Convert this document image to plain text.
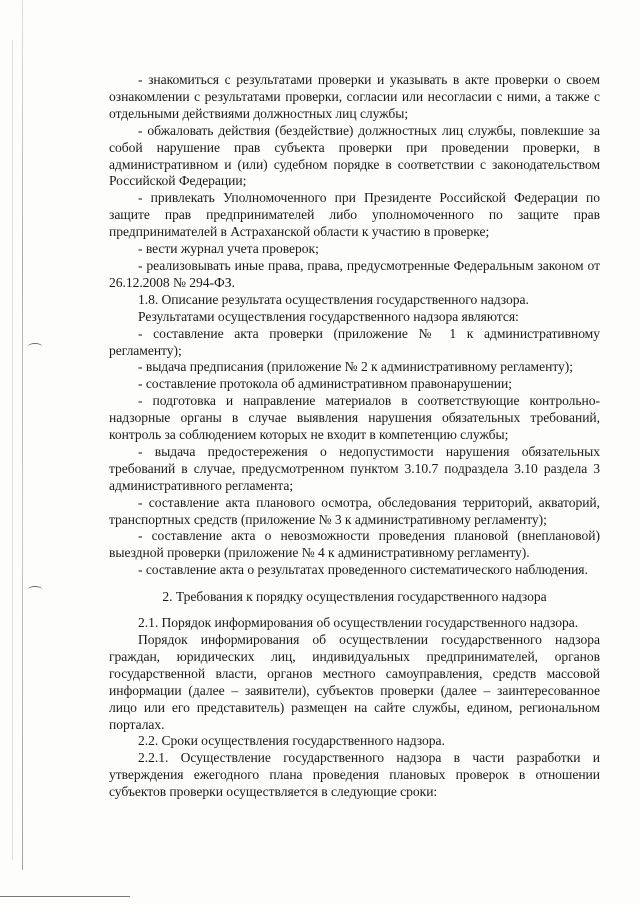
- знакомиться с результатами проверки и указывать в акте проверки о своем ознакомлении с результатами проверки, согласии или несогласии с ними, а также с отдельными действиями должностных лиц службы;

- обжаловать действия (бездействие) должностных лиц службы, повлекшие за собой нарушение прав субъекта проверки при проведении проверки, в административном и (или) судебном порядке в соответствии с законодательством Российской Федерации;

- привлекать Уполномоченного при Президенте Российской Федерации по защите прав предпринимателей либо уполномоченного по защите прав предпринимателей в Астраханской области к участию в проверке;

- вести журнал учета проверок;

- реализовывать иные права, права, предусмотренные Федеральным законом от 26.12.2008 № 294-ФЗ.

1.8. Описание результата осуществления государственного надзора.

Результатами осуществления государственного надзора являются:

- составление акта проверки (приложение № 1 к административному регламенту);

- выдача предписания (приложение № 2 к административному регламенту);

- составление протокола об административном правонарушении;

- подготовка и направление материалов в соответствующие контрольно-надзорные органы в случае выявления нарушения обязательных требований, контроль за соблюдением которых не входит в компетенцию службы;

- выдача предостережения о недопустимости нарушения обязательных требований в случае, предусмотренном пунктом 3.10.7 подраздела 3.10 раздела 3 административного регламента;

- составление акта планового осмотра, обследования территорий, акваторий, транспортных средств (приложение № 3 к административному регламенту);

- составление акта о невозможности проведения плановой (внеплановой) выездной проверки (приложение № 4 к административному регламенту).

- составление акта о результатах проведенного систематического наблюдения.

2. Требования к порядку осуществления государственного надзора

2.1. Порядок информирования об осуществлении государственного надзора.

Порядок информирования об осуществлении государственного надзора граждан, юридических лиц, индивидуальных предпринимателей, органов государственной власти, органов местного самоуправления, средств массовой информации (далее – заявители), субъектов проверки (далее – заинтересованное лицо или его представитель) размещен на сайте службы, едином, региональном порталах.

2.2. Сроки осуществления государственного надзора.

2.2.1. Осуществление государственного надзора в части разработки и утверждения ежегодного плана проведения плановых проверок в отношении субъектов проверки осуществляется в следующие сроки:
